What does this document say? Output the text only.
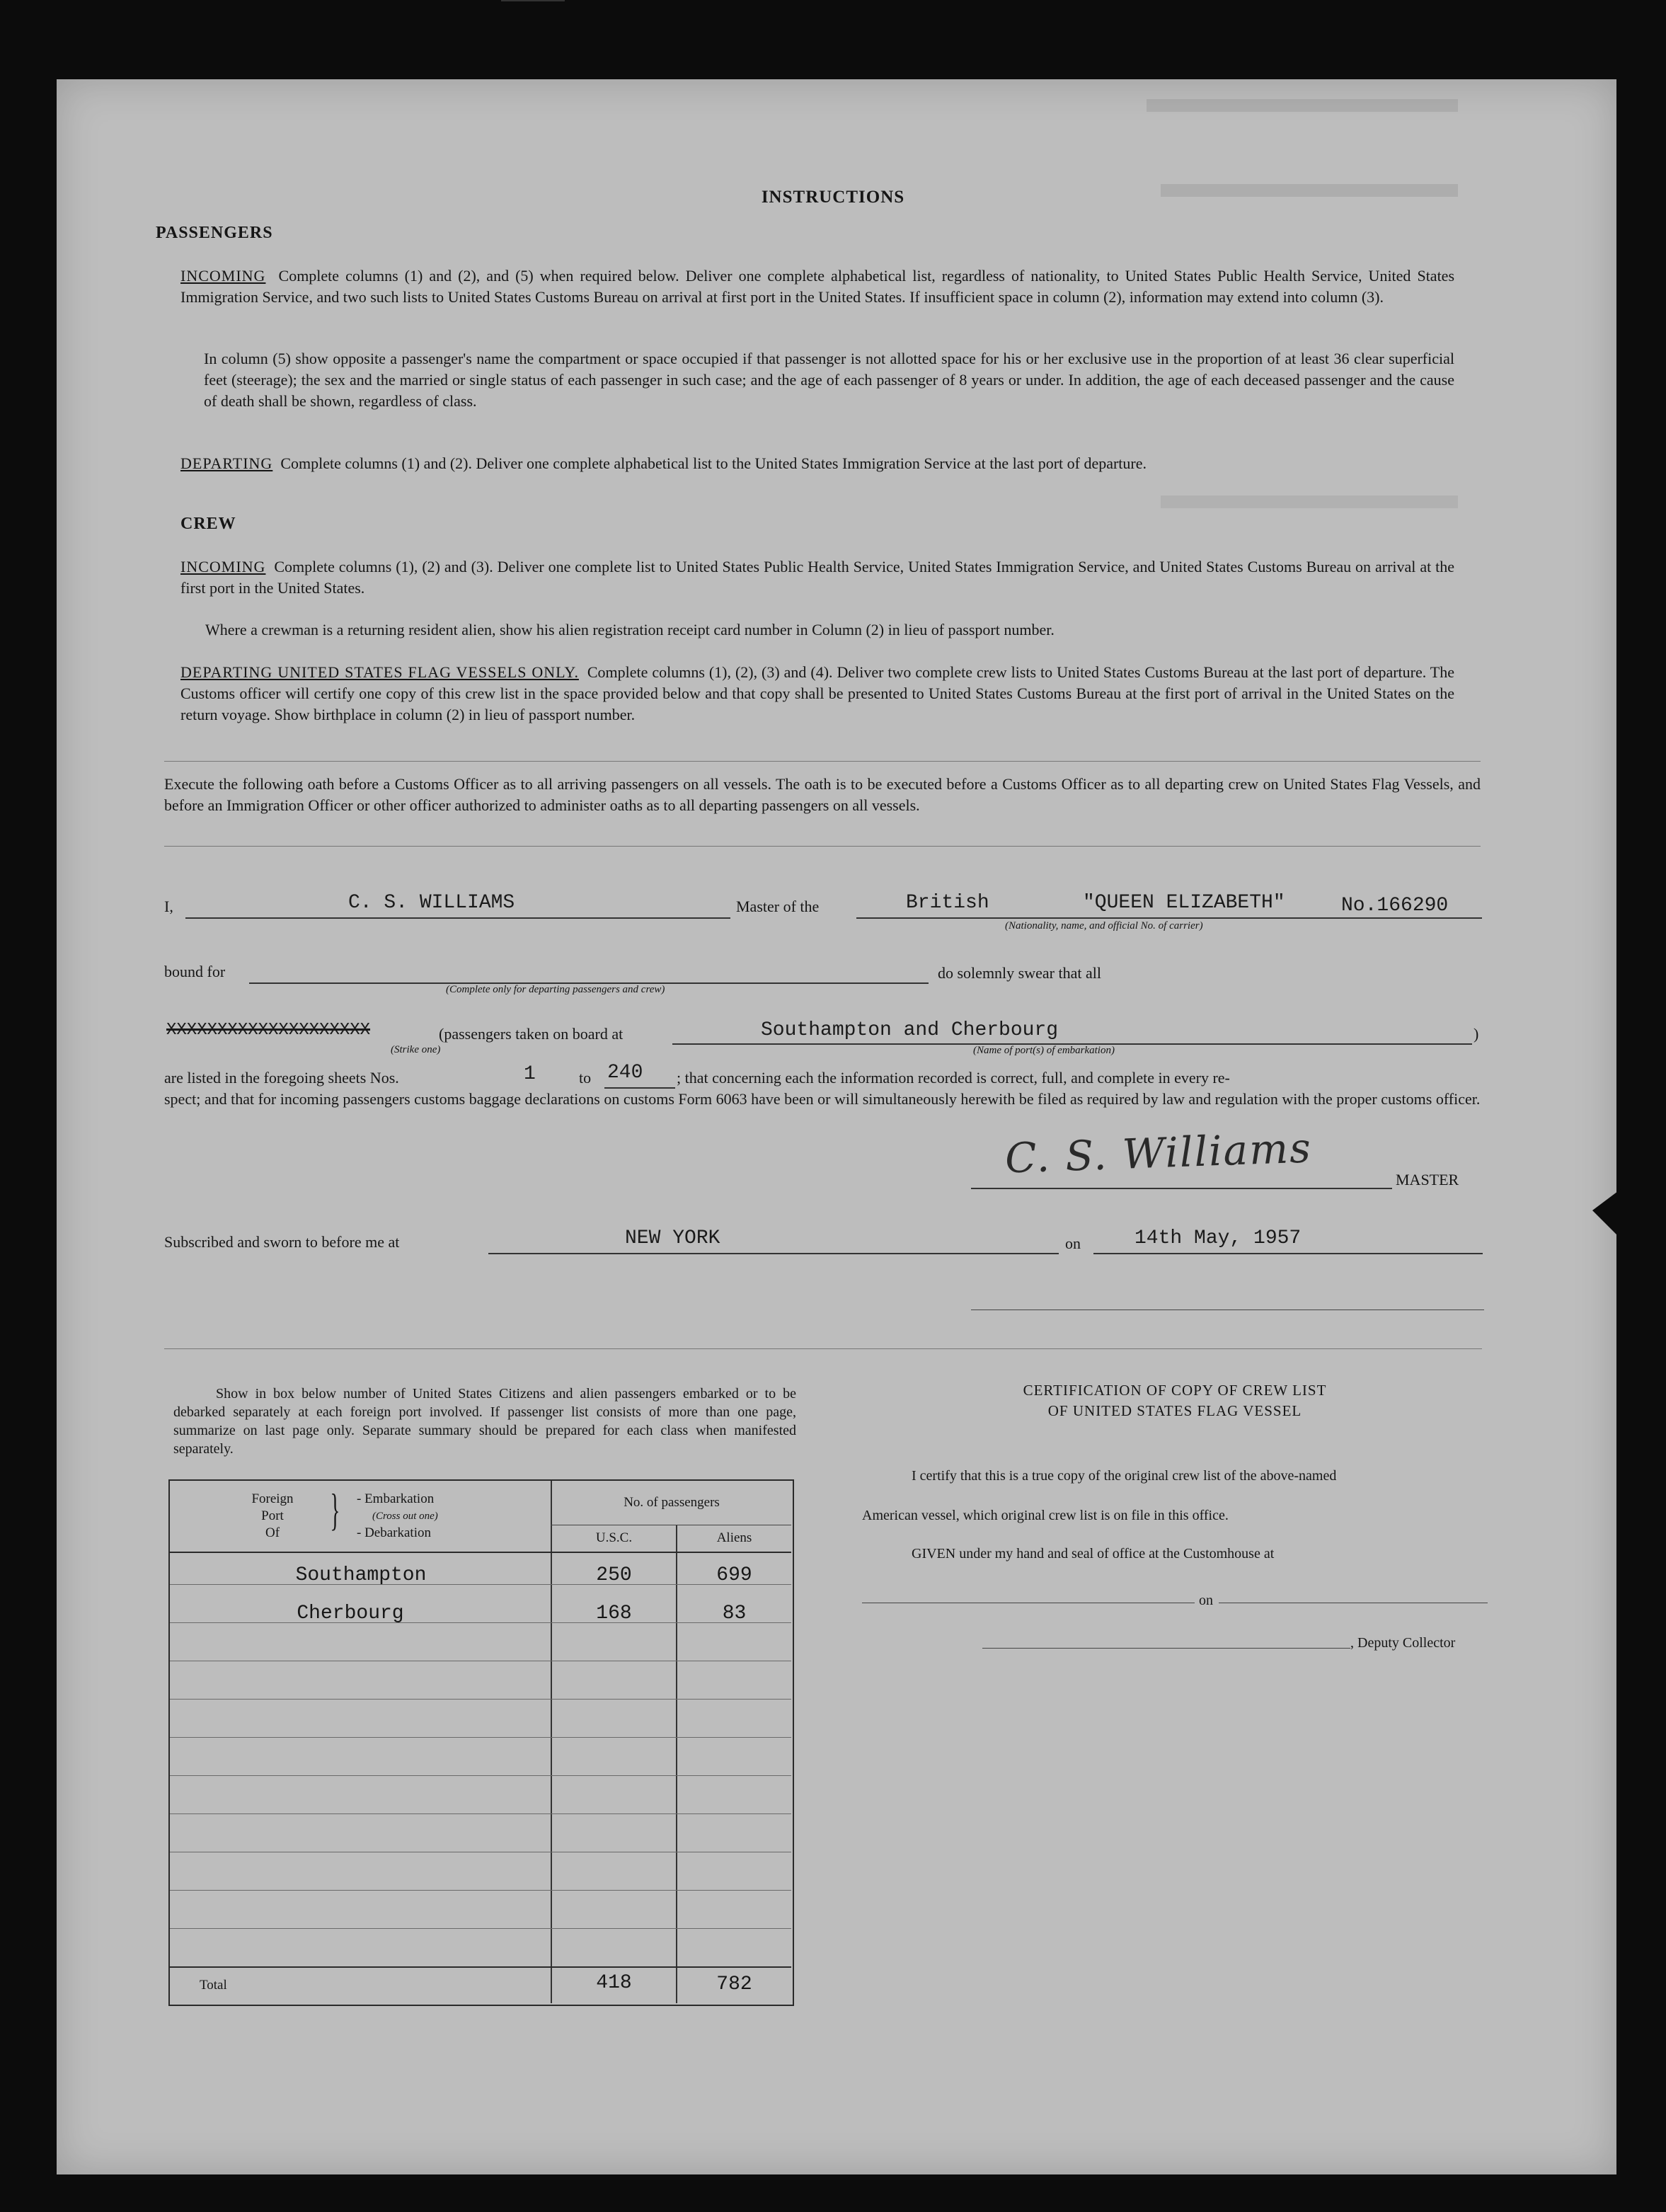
INSTRUCTIONS
PASSENGERS

INCOMING Complete columns (1) and (2), and (5) when required below. Deliver one complete alphabetical list, regardless of nationality, to United States Public Health Service, United States Immigration Service, and two such lists to United States Customs Bureau on arrival at first port in the United States. If insufficient space in column (2), information may extend into column (3).

In column (5) show opposite a passenger's name the compartment or space occupied if that passenger is not allotted space for his or her exclusive use in the proportion of at least 36 clear superficial feet (steerage); the sex and the married or single status of each passenger in such case; and the age of each passenger of 8 years or under. In addition, the age of each deceased passenger and the cause of death shall be shown, regardless of class.

DEPARTING Complete columns (1) and (2). Deliver one complete alphabetical list to the United States Immigration Service at the last port of departure.

CREW

INCOMING Complete columns (1), (2) and (3). Deliver one complete list to United States Public Health Service, United States Immigration Service, and United States Customs Bureau on arrival at the first port in the United States.

Where a crewman is a returning resident alien, show his alien registration receipt card number in Column (2) in lieu of passport number.

DEPARTING UNITED STATES FLAG VESSELS ONLY. Complete columns (1), (2), (3) and (4). Deliver two complete crew lists to United States Customs Bureau at the last port of departure. The Customs officer will certify one copy of this crew list in the space provided below and that copy shall be presented to United States Customs Bureau at the first port of arrival in the United States on the return voyage. Show birthplace in column (2) in lieu of passport number.

Execute the following oath before a Customs Officer as to all arriving passengers on all vessels. The oath is to be executed before a Customs Officer as to all departing crew on United States Flag Vessels, and before an Immigration Officer or other officer authorized to administer oaths as to all departing passengers on all vessels.

I,	C. S. WILLIAMS	Master of the	British	"QUEEN ELIZABETH"	No.166290
(Nationality, name, and official No. of carrier)
bound for
(Complete only for departing passengers and crew)
do solemnly swear that all
XXXXXXXXXXXXXXXXXXXX
(Strike one)
(passengers taken on board at	Southampton and Cherbourg
(Name of port(s) of embarkation)
)
are listed in the foregoing sheets Nos.	1	to 240 ; that concerning each the information recorded is correct, full, and complete in every re-

spect; and that for incoming passengers customs baggage declarations on customs Form 6063 have been or will simultaneously herewith be filed as required by law and regulation with the proper customs officer.

C. S. Williams	MASTER
Subscribed and sworn to before me at	NEW YORK	on	14th May, 1957

Show in box below number of United States Citizens and alien passengers embarked or to be debarked separately at each foreign port involved. If passenger list consists of more than one page, summarize on last page only. Separate summary should be prepared for each class when manifested separately.

Foreign
Port
Of	} - Embarkation
(Cross out one)
- Debarkation
No. of passengers
U.S.C.	Aliens
Southampton	250	699
Cherbourg	168	83
Total	418	782
CERTIFICATION OF COPY OF CREW LIST
OF UNITED STATES FLAG VESSEL
I certify that this is a true copy of the original crew list of the above-named
American vessel, which original crew list is on file in this office.
GIVEN under my hand and seal of office at the Customhouse at
on
, Deputy Collector
